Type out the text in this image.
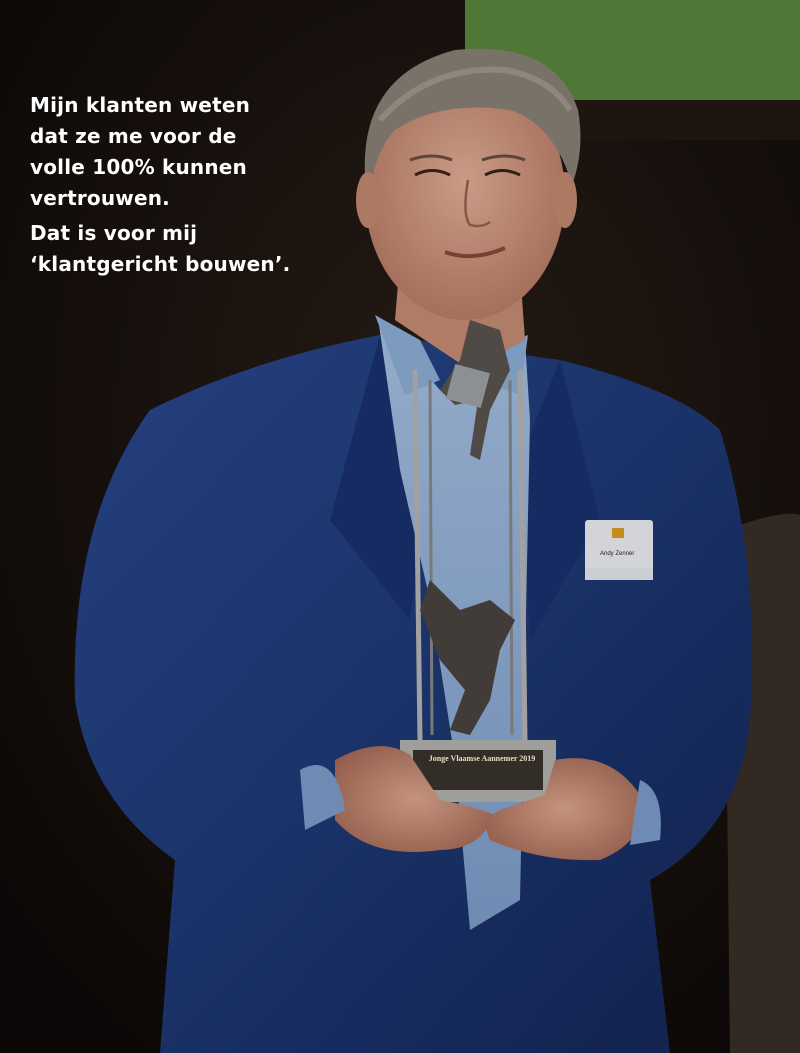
Mijn klanten weten
dat ze me voor de
volle 100% kunnen
vertrouwen.
Dat is voor mij
‘klantgericht bouwen’.
Andy Zenner
Jonge Vlaamse Aannemer 2019
